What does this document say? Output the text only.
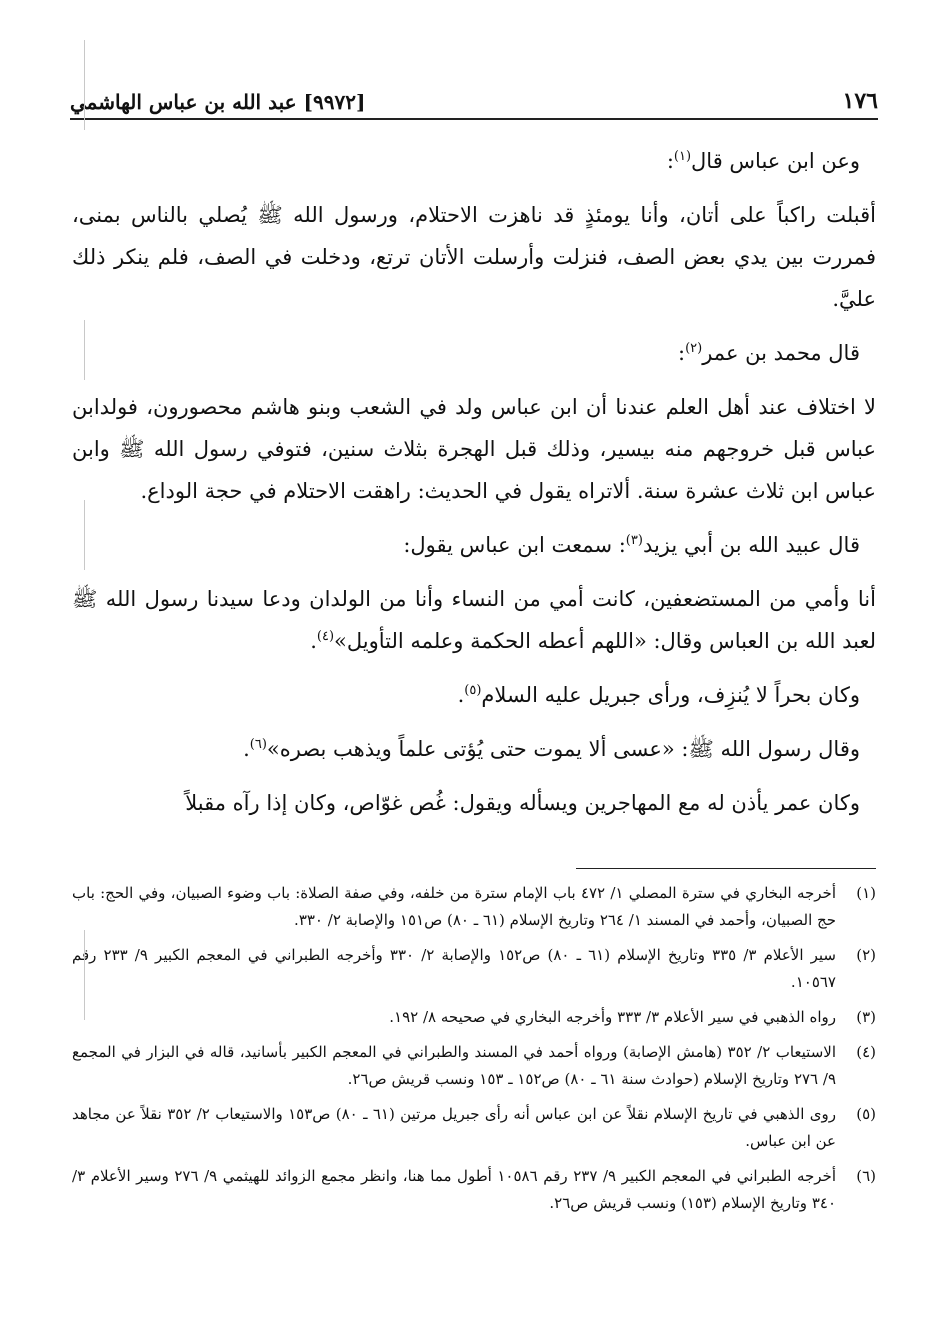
١٧٦
[٩٩٧٢] عبد الله بن عباس الهاشمي

وعن ابن عباس قال$^{(١)}$:

أقبلت راكباً على أتان، وأنا يومئذٍ قد ناهزت الاحتلام، ورسول الله ﷺ يُصلي بالناس بمنى، فمررت بين يدي بعض الصف، فنزلت وأرسلت الأتان ترتع، ودخلت في الصف، فلم ينكر ذلك عليَّ.

قال محمد بن عمر$^{(٢)}$:

لا اختلاف عند أهل العلم عندنا أن ابن عباس ولد في الشعب وبنو هاشم محصورون، فولدابن عباس قبل خروجهم منه بيسير، وذلك قبل الهجرة بثلاث سنين، فتوفي رسول الله ﷺ وابن عباس ابن ثلاث عشرة سنة. ألاتراه يقول في الحديث: راهقت الاحتلام في حجة الوداع.

قال عبيد الله بن أبي يزيد$^{(٣)}$: سمعت ابن عباس يقول:

أنا وأمي من المستضعفين، كانت أمي من النساء وأنا من الولدان ودعا سيدنا رسول الله ﷺ لعبد الله بن العباس وقال: «اللهم أعطه الحكمة وعلمه التأويل»$^{(٤)}$.

وكان بحراً لا يُنزِف، ورأى جبريل عليه السلام$^{(٥)}$.

وقال رسول الله ﷺ: «عسى ألا يموت حتى يُؤتى علماً ويذهب بصره»$^{(٦)}$.

وكان عمر يأذن له مع المهاجرين ويسأله ويقول: غُص غوّاص، وكان إذا رآه مقبلاً

(١)
أخرجه البخاري في سترة المصلي ١/ ٤٧٢ باب الإمام سترة من خلفه، وفي صفة الصلاة: باب وضوء الصبيان، وفي الحج: باب حج الصبيان، وأحمد في المسند ١/ ٢٦٤ وتاريخ الإسلام (٦١ ـ ٨٠) ص١٥١ والإصابة ٢/ ٣٣٠.
(٢)
سير الأعلام ٣/ ٣٣٥ وتاريخ الإسلام (٦١ ـ ٨٠) ص١٥٢ والإصابة ٢/ ٣٣٠ وأخرجه الطبراني في المعجم الكبير ٩/ ٢٣٣ رقم ١٠٥٦٧.
(٣)
رواه الذهبي في سير الأعلام ٣/ ٣٣٣ وأخرجه البخاري في صحيحه ٨/ ١٩٢.
(٤)
الاستيعاب ٢/ ٣٥٢ (هامش الإصابة) ورواه أحمد في المسند والطبراني في المعجم الكبير بأسانيد، قاله في البزار في المجمع ٩/ ٢٧٦ وتاريخ الإسلام (حوادث سنة ٦١ ـ ٨٠) ص١٥٢ ـ ١٥٣ ونسب قريش ص٢٦.
(٥)
روى الذهبي في تاريخ الإسلام نقلاً عن ابن عباس أنه رأى جبريل مرتين (٦١ ـ ٨٠) ص١٥٣ والاستيعاب ٢/ ٣٥٢ نقلاً عن مجاهد عن ابن عباس.
(٦)
أخرجه الطبراني في المعجم الكبير ٩/ ٢٣٧ رقم ١٠٥٨٦ أطول مما هنا، وانظر مجمع الزوائد للهيثمي ٩/ ٢٧٦ وسير الأعلام ٣/ ٣٤٠ وتاريخ الإسلام (١٥٣) ونسب قريش ص٢٦.
